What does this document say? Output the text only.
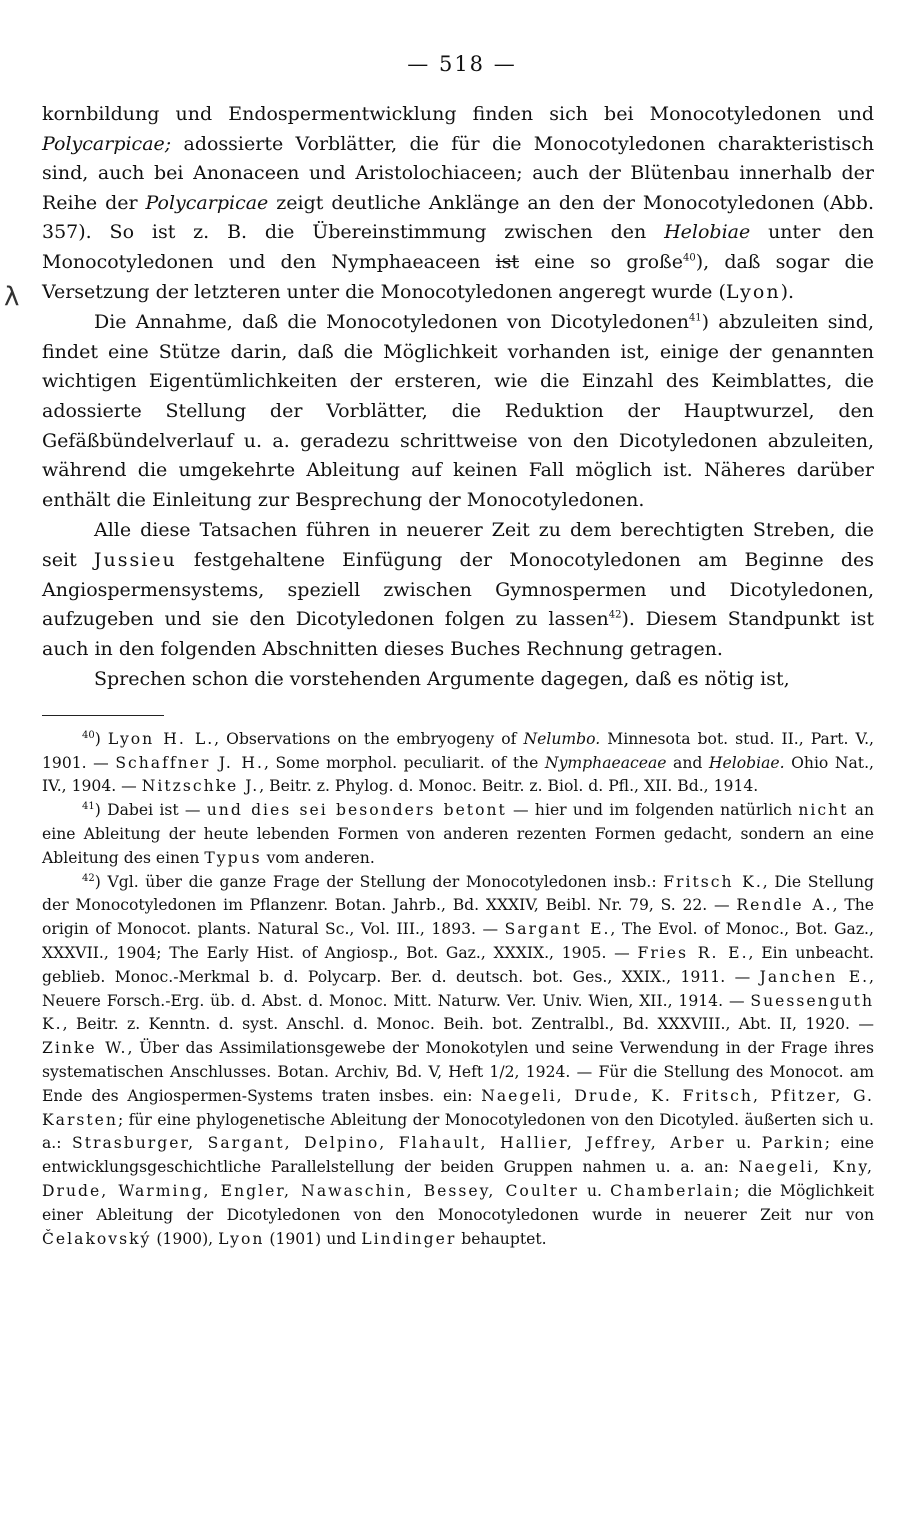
— 518 —
λ

kornbildung und Endospermentwicklung finden sich bei Monocotyledonen und Polycarpicae; adossierte Vorblätter, die für die Monocotyledonen charakteristisch sind, auch bei Anonaceen und Aristolochiaceen; auch der Blütenbau innerhalb der Reihe der Polycarpicae zeigt deutliche Anklänge an den der Monocotyledonen (Abb. 357). So ist z. B. die Übereinstimmung zwischen den Helobiae unter den Monocotyledonen und den Nymphaeaceen ist eine so große$^{40}$), daß sogar die Versetzung der letzteren unter die Monocotyledonen angeregt wurde (Lyon).

Die Annahme, daß die Monocotyledonen von Dicotyledonen$^{41}$) abzuleiten sind, findet eine Stütze darin, daß die Möglichkeit vorhanden ist, einige der genannten wichtigen Eigentümlichkeiten der ersteren, wie die Einzahl des Keimblattes, die adossierte Stellung der Vorblätter, die Reduktion der Hauptwurzel, den Gefäßbündelverlauf u. a. geradezu schrittweise von den Dicotyledonen abzuleiten, während die umgekehrte Ableitung auf keinen Fall möglich ist. Näheres darüber enthält die Einleitung zur Besprechung der Monocotyledonen.

Alle diese Tatsachen führen in neuerer Zeit zu dem berechtigten Streben, die seit Jussieu festgehaltene Einfügung der Monocotyledonen am Beginne des Angiospermensystems, speziell zwischen Gymnospermen und Dicotyledonen, aufzugeben und sie den Dicotyledonen folgen zu lassen$^{42}$). Diesem Standpunkt ist auch in den folgenden Abschnitten dieses Buches Rechnung getragen.

Sprechen schon die vorstehenden Argumente dagegen, daß es nötig ist,

$^{40}$) Lyon H. L., Observations on the embryogeny of Nelumbo. Minnesota bot. stud. II., Part. V., 1901. — Schaffner J. H., Some morphol. peculiarit. of the Nymphaeaceae and Helobiae. Ohio Nat., IV., 1904. — Nitzschke J., Beitr. z. Phylog. d. Monoc. Beitr. z. Biol. d. Pfl., XII. Bd., 1914.

$^{41}$) Dabei ist — und dies sei besonders betont — hier und im folgenden natürlich nicht an eine Ableitung der heute lebenden Formen von anderen rezenten Formen gedacht, sondern an eine Ableitung des einen Typus vom anderen.

$^{42}$) Vgl. über die ganze Frage der Stellung der Monocotyledonen insb.: Fritsch K., Die Stellung der Monocotyledonen im Pflanzenr. Botan. Jahrb., Bd. XXXIV, Beibl. Nr. 79, S. 22. — Rendle A., The origin of Monocot. plants. Natural Sc., Vol. III., 1893. — Sargant E., The Evol. of Monoc., Bot. Gaz., XXXVII., 1904; The Early Hist. of Angiosp., Bot. Gaz., XXXIX., 1905. — Fries R. E., Ein unbeacht. geblieb. Monoc.-Merkmal b. d. Polycarp. Ber. d. deutsch. bot. Ges., XXIX., 1911. — Janchen E., Neuere Forsch.-Erg. üb. d. Abst. d. Monoc. Mitt. Naturw. Ver. Univ. Wien, XII., 1914. — Suessenguth K., Beitr. z. Kenntn. d. syst. Anschl. d. Monoc. Beih. bot. Zentralbl., Bd. XXXVIII., Abt. II, 1920. — Zinke W., Über das Assimilationsgewebe der Monokotylen und seine Verwendung in der Frage ihres systematischen Anschlusses. Botan. Archiv, Bd. V, Heft 1/2, 1924. — Für die Stellung des Monocot. am Ende des Angiospermen-Systems traten insbes. ein: Naegeli, Drude, K. Fritsch, Pfitzer, G. Karsten; für eine phylogenetische Ableitung der Monocotyledonen von den Dicotyled. äußerten sich u. a.: Strasburger, Sargant, Delpino, Flahault, Hallier, Jeffrey, Arber u. Parkin; eine entwicklungsgeschichtliche Parallelstellung der beiden Gruppen nahmen u. a. an: Naegeli, Kny, Drude, Warming, Engler, Nawaschin, Bessey, Coulter u. Chamberlain; die Möglichkeit einer Ableitung der Dicotyledonen von den Monocotyledonen wurde in neuerer Zeit nur von Čelakovský (1900), Lyon (1901) und Lindinger behauptet.
